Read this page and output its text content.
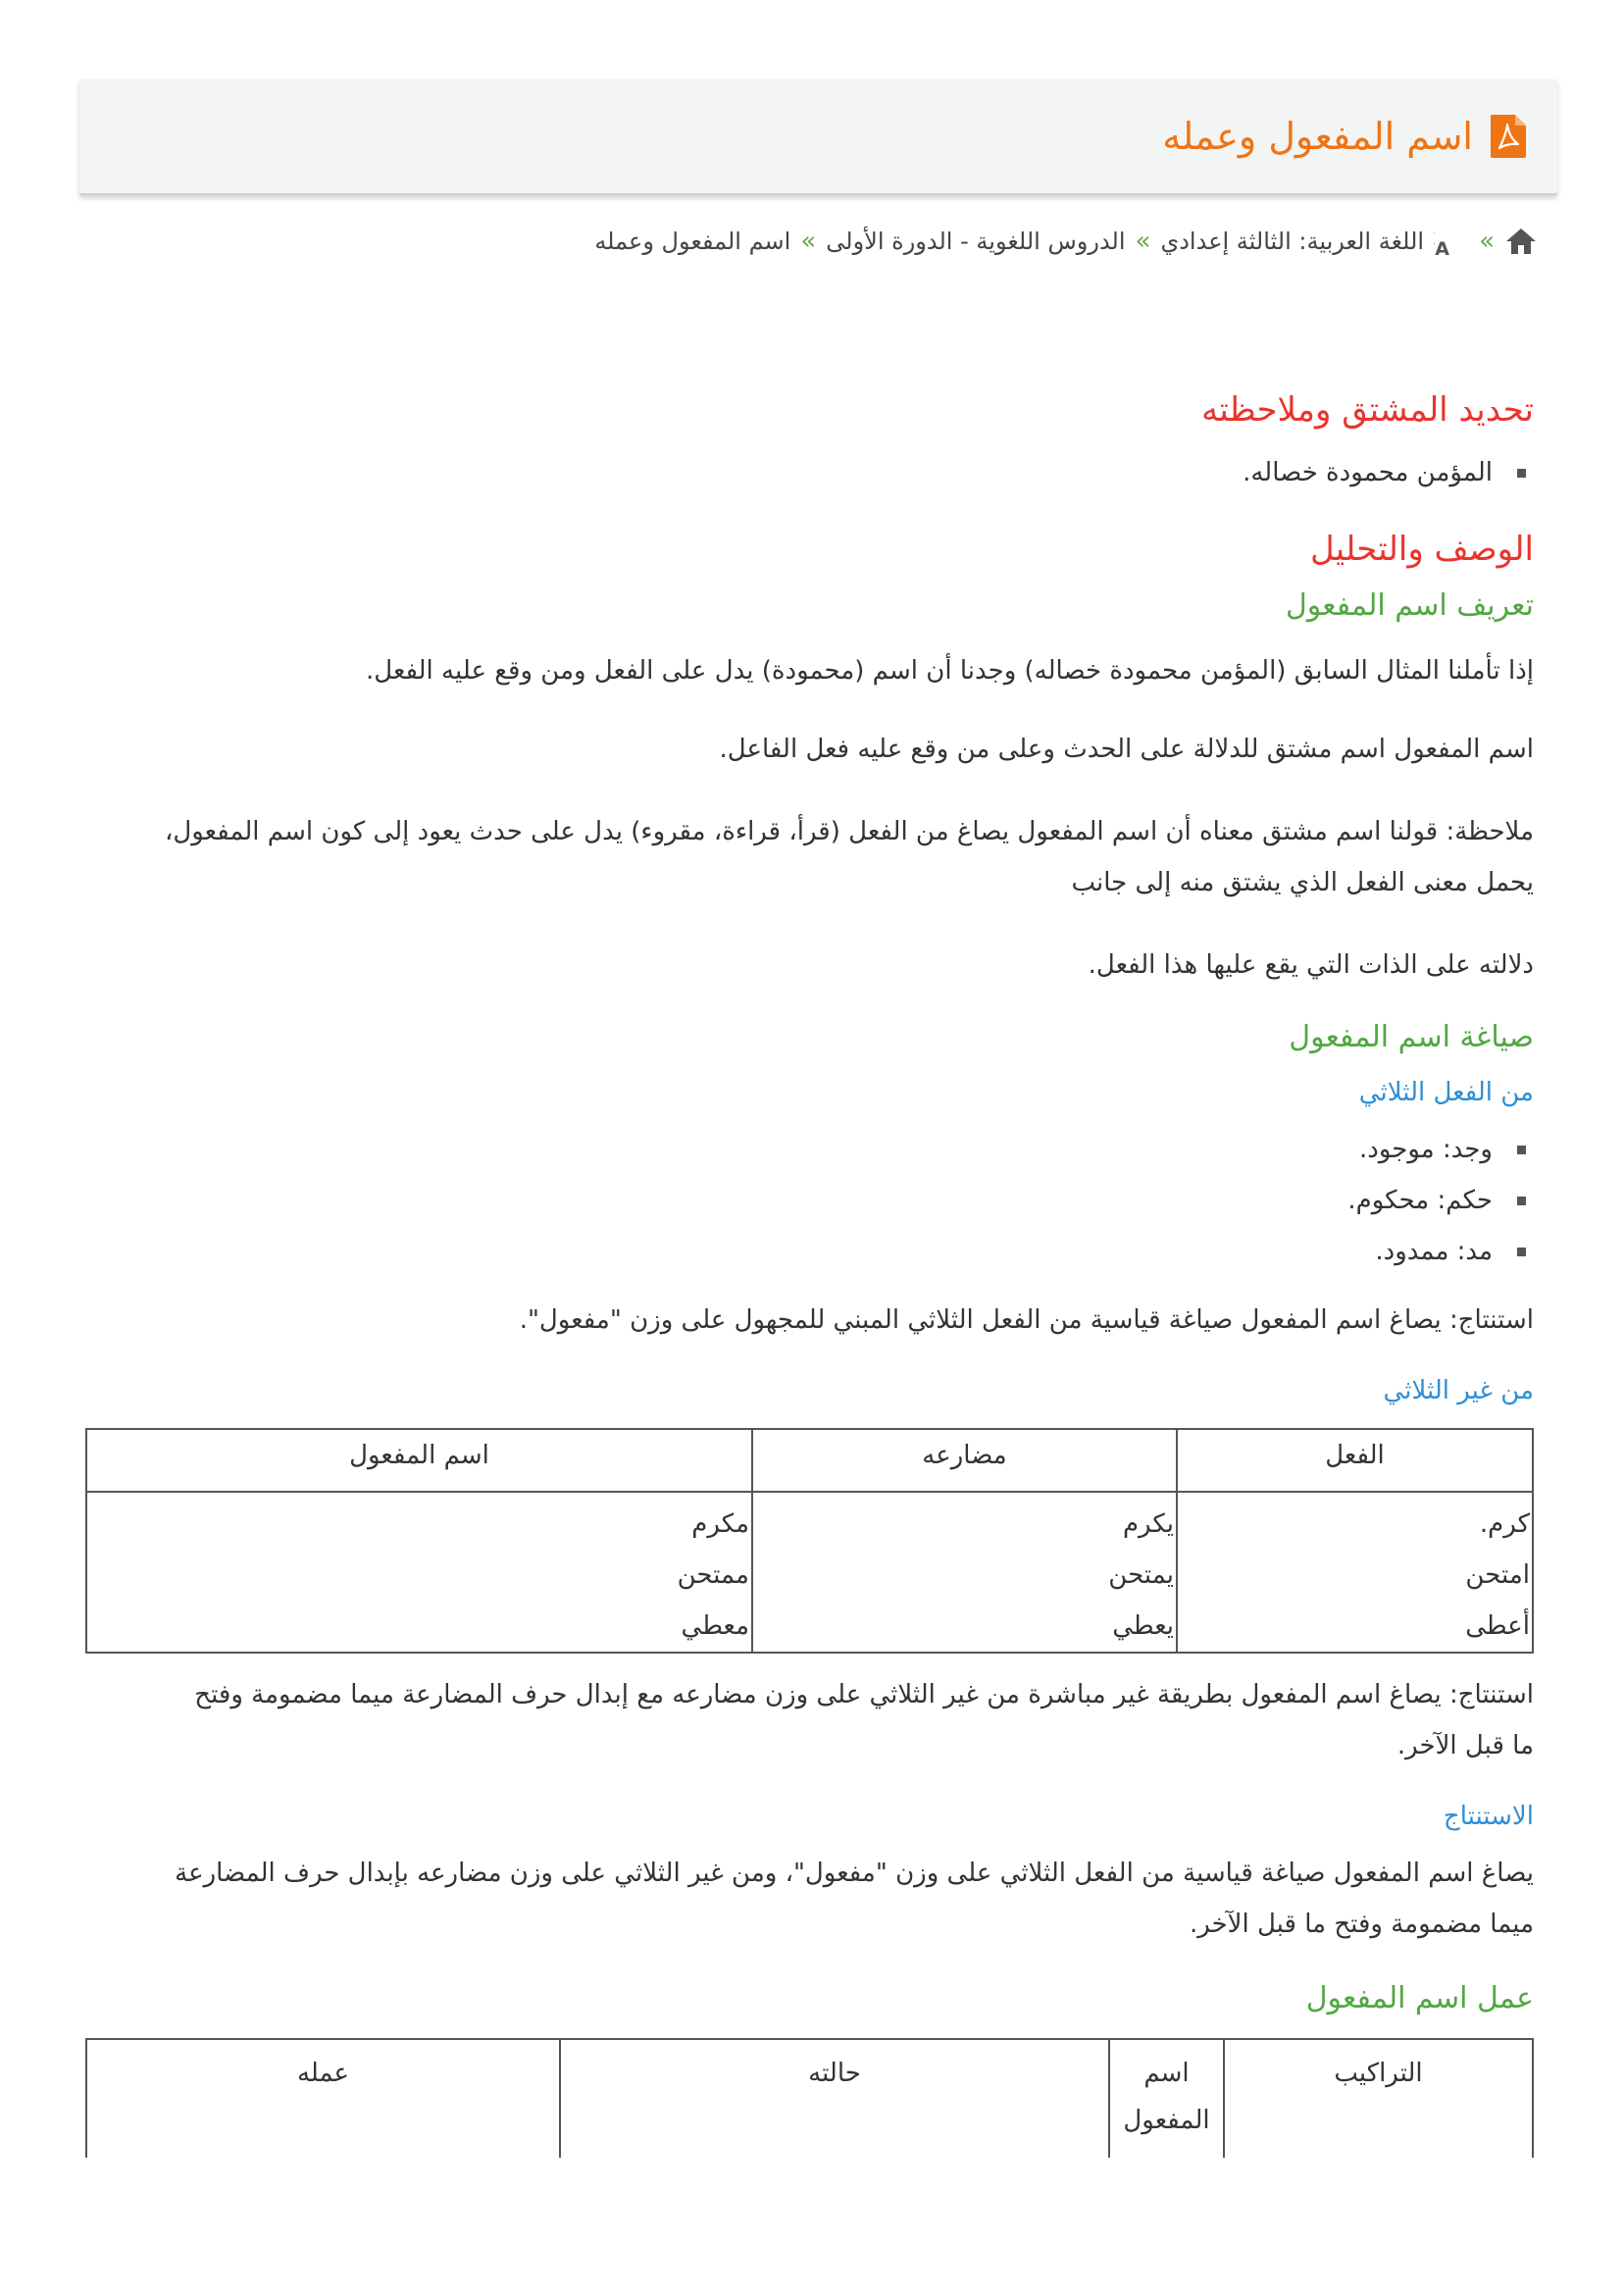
اسم المفعول وعمله
»
A
اللغة العربية: الثالثة إعدادي
»
الدروس اللغوية - الدورة الأولى
»
اسم المفعول وعمله
تحديد المشتق وملاحظته
المؤمن محمودة خصاله.
الوصف والتحليل
تعريف اسم المفعول

إذا تأملنا المثال السابق (المؤمن محمودة خصاله) وجدنا أن اسم (محمودة) يدل على الفعل ومن وقع عليه الفعل.

اسم المفعول اسم مشتق للدلالة على الحدث وعلى من وقع عليه فعل الفاعل.

ملاحظة: قولنا اسم مشتق معناه أن اسم المفعول يصاغ من الفعل (قرأ، قراءة، مقروء) يدل على حدث يعود إلى كون اسم المفعول،
يحمل معنى الفعل الذي يشتق منه إلى جانب

دلالته على الذات التي يقع عليها هذا الفعل.

صياغة اسم المفعول
من الفعل الثلاثي
وجد: موجود.
حكم: محكوم.
مد: ممدود.

استنتاج: يصاغ اسم المفعول صياغة قياسية من الفعل الثلاثي المبني للمجهول على وزن "مفعول".

من غير الثلاثي
الفعل	مضارعه	اسم المفعول
كرم.	يكرم	مكرم
امتحن	يمتحن	ممتحن
أعطى	يعطي	معطي

استنتاج: يصاغ اسم المفعول بطريقة غير مباشرة من غير الثلاثي على وزن مضارعه مع إبدال حرف المضارعة ميما مضمومة وفتح
ما قبل الآخر.

الاستنتاج

يصاغ اسم المفعول صياغة قياسية من الفعل الثلاثي على وزن "مفعول"، ومن غير الثلاثي على وزن مضارعه بإبدال حرف المضارعة
ميما مضمومة وفتح ما قبل الآخر.

عمل اسم المفعول
التراكيب	اسم المفعول	حالته	عمله
